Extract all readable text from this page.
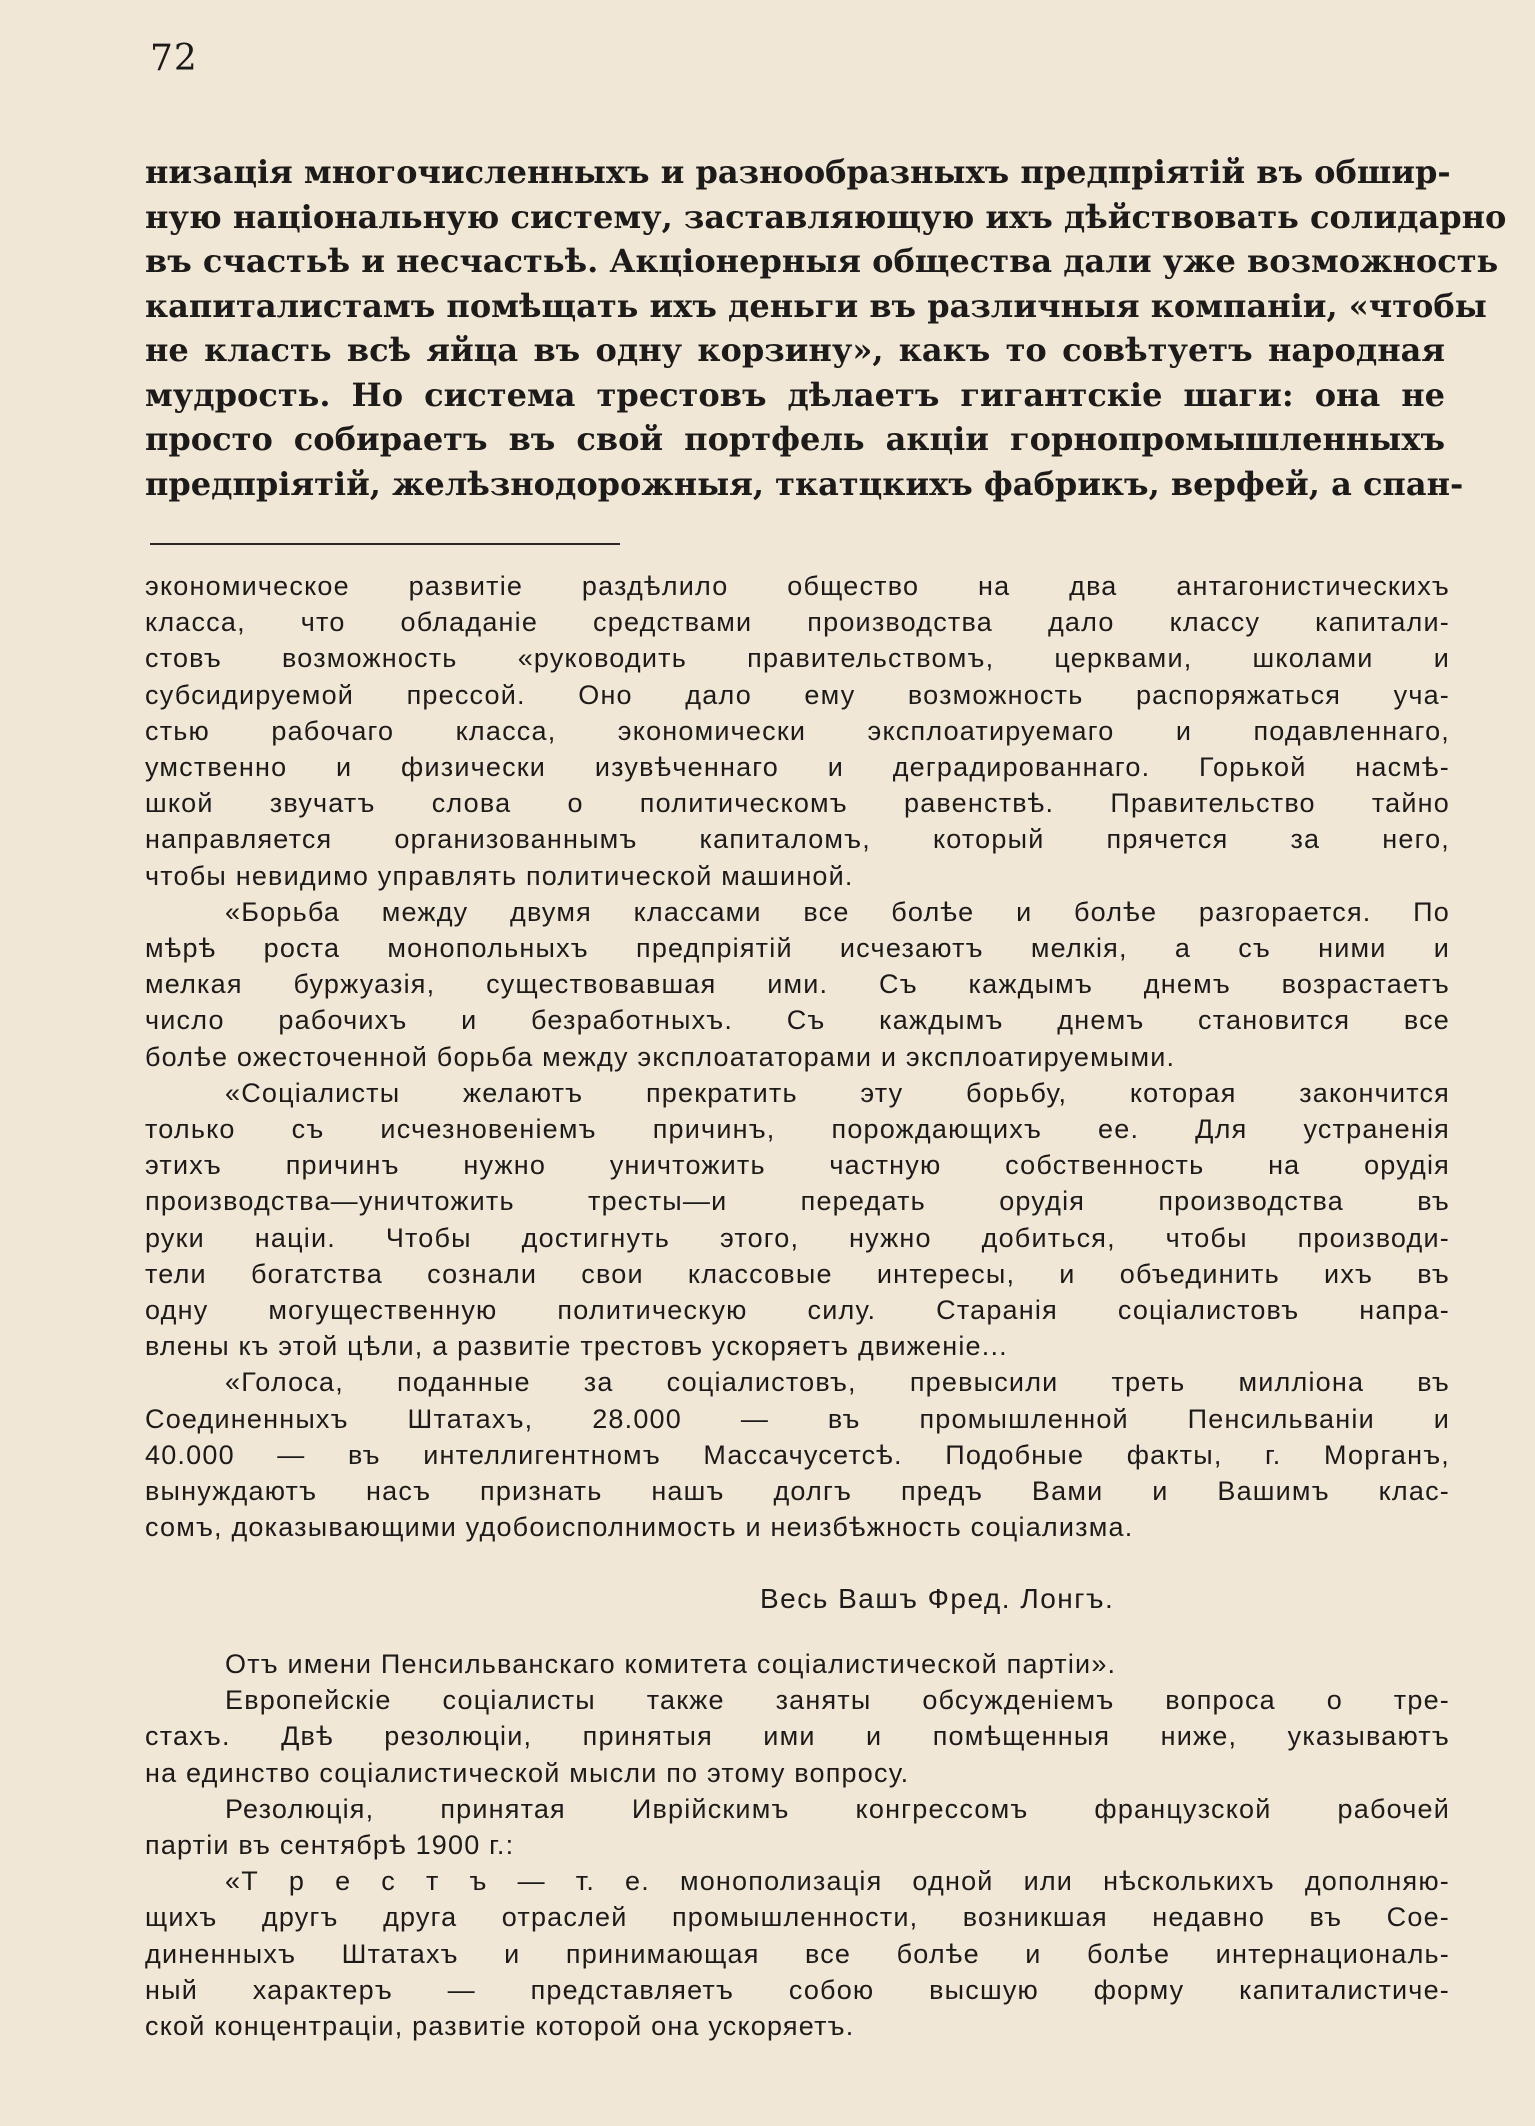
72
низація многочисленныхъ и разнообразныхъ предпріятій въ обшир-
ную національную систему, заставляющую ихъ дѣйствовать солидарно
въ счастьѣ и несчастьѣ. Акціонерныя общества дали уже возможность
капиталистамъ помѣщать ихъ деньги въ различныя компаніи, «чтобы
не класть всѣ яйца въ одну корзину», какъ то совѣтуетъ народная
мудрость. Но система трестовъ дѣлаетъ гигантскіе шаги: она не
просто собираетъ въ свой портфель акціи горнопромышленныхъ
предпріятій, желѣзнодорожныя, ткатцкихъ фабрикъ, верфей, а спан-
экономическое развитіе раздѣлило общество на два антагонистическихъ
класса, что обладаніе средствами производства дало классу капитали-
стовъ возможность «руководить правительствомъ, церквами, школами и
субсидируемой прессой. Оно дало ему возможность распоряжаться уча-
стью рабочаго класса, экономически эксплоатируемаго и подавленнаго,
умственно и физически изувѣченнаго и деградированнаго. Горькой насмѣ-
шкой звучатъ слова о политическомъ равенствѣ. Правительство тайно
направляется организованнымъ капиталомъ, который прячется за него,
чтобы невидимо управлять политической машиной.
«Борьба между двумя классами все болѣе и болѣе разгорается. По
мѣрѣ роста монопольныхъ предпріятій исчезаютъ мелкія, а съ ними и
мелкая буржуазія, существовавшая ими. Съ каждымъ днемъ возрастаетъ
число рабочихъ и безработныхъ. Съ каждымъ днемъ становится все
болѣе ожесточенной борьба между эксплоататорами и эксплоатируемыми.
«Соціалисты желаютъ прекратить эту борьбу, которая закончится
только съ исчезновеніемъ причинъ, порождающихъ ее. Для устраненія
этихъ причинъ нужно уничтожить частную собственность на орудія
производства—уничтожить тресты—и передать орудія производства въ
руки націи. Чтобы достигнуть этого, нужно добиться, чтобы производи-
тели богатства сознали свои классовые интересы, и объединить ихъ въ
одну могущественную политическую силу. Старанія соціалистовъ напра-
влены къ этой цѣли, а развитіе трестовъ ускоряетъ движеніе...
«Голоса, поданные за соціалистовъ, превысили треть милліона въ
Соединенныхъ Штатахъ, 28.000 — въ промышленной Пенсильваніи и
40.000 — въ интеллигентномъ Массачусетсѣ. Подобные факты, г. Морганъ,
вынуждаютъ насъ признать нашъ долгъ предъ Вами и Вашимъ клас-
сомъ, доказывающими удобоисполнимость и неизбѣжность соціализма.
Весь Вашъ Фред. Лонгъ.
Отъ имени Пенсильванскаго комитета соціалистической партіи».
Европейскіе соціалисты также заняты обсужденіемъ вопроса о тре-
стахъ. Двѣ резолюціи, принятыя ими и помѣщенныя ниже, указываютъ
на единство соціалистической мысли по этому вопросу.
Резолюція, принятая Иврійскимъ конгрессомъ французской рабочей
партіи въ сентябрѣ 1900 г.:
«Т р е с т ъ — т. е. монополизація одной или нѣсколькихъ дополняю-
щихъ другъ друга отраслей промышленности, возникшая недавно въ Сое-
диненныхъ Штатахъ и принимающая все болѣе и болѣе интернациональ-
ный характеръ — представляетъ собою высшую форму капиталистиче-
ской концентраціи, развитіе которой она ускоряетъ.
